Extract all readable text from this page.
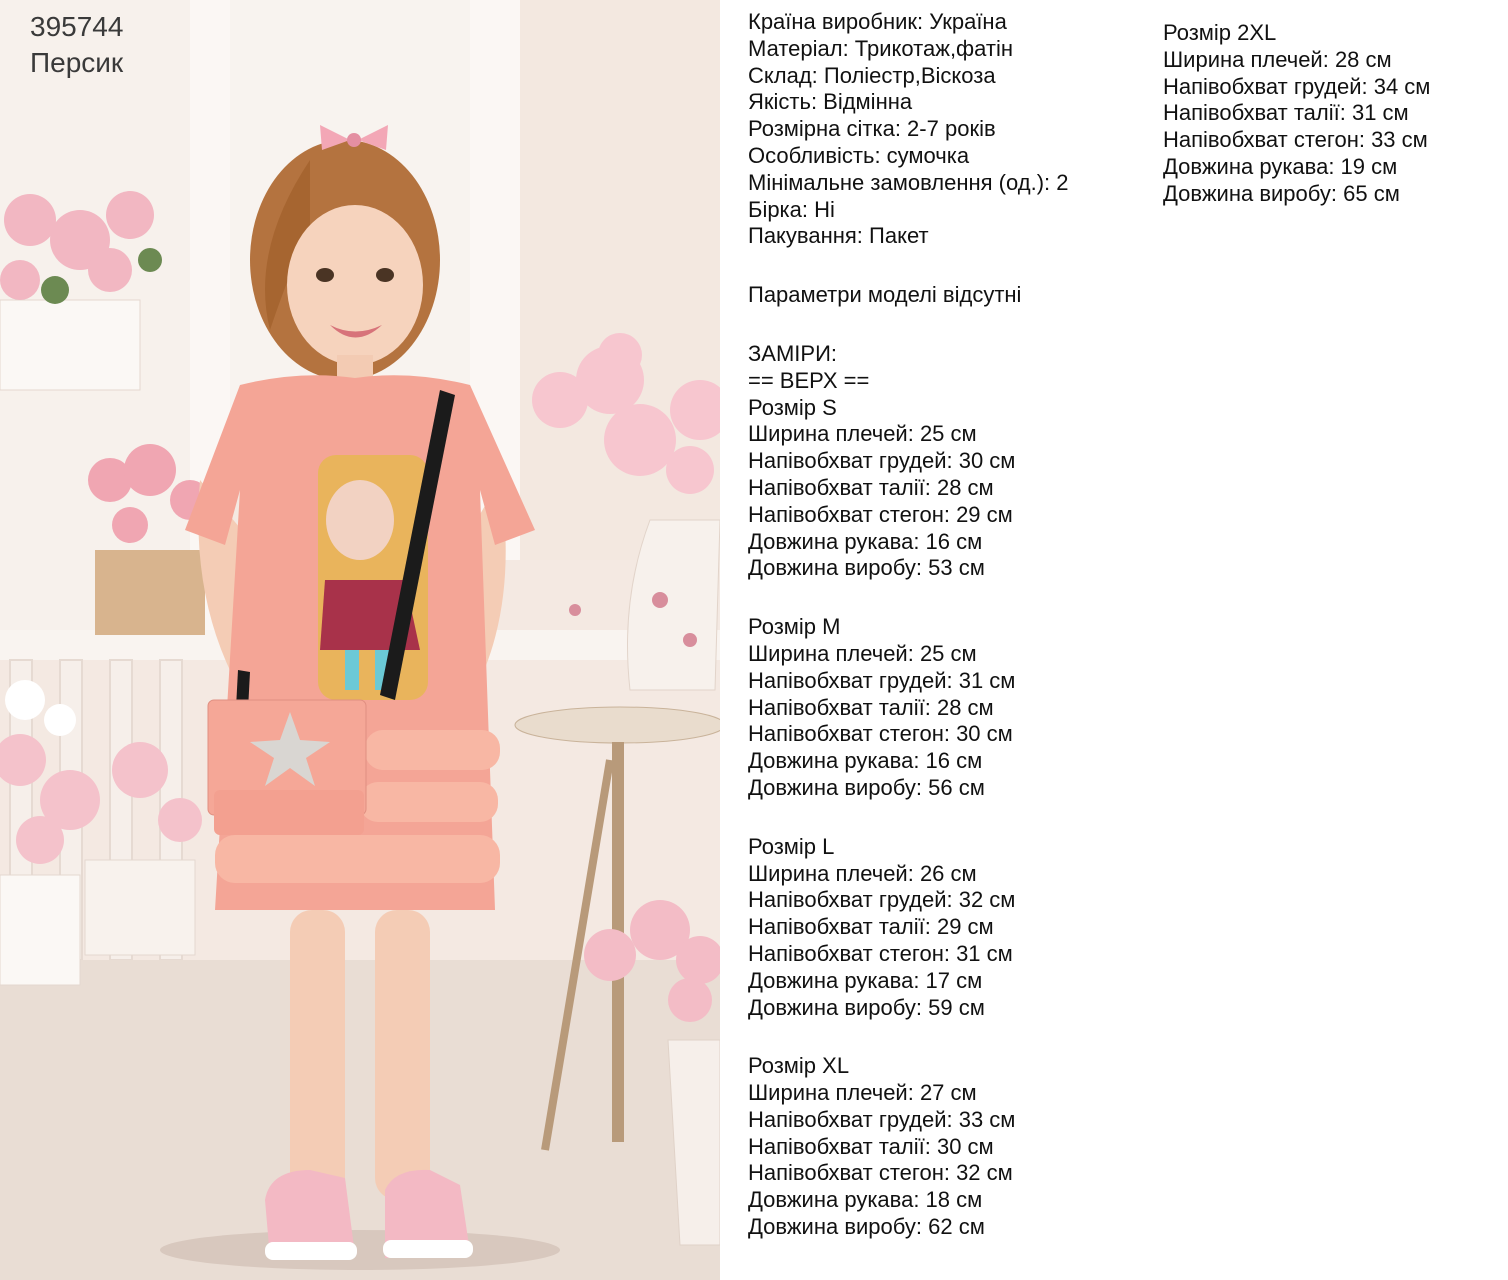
395744

Персик

Країна виробник: Україна

Матеріал: Трикотаж,фатін

Склад: Поліестр,Віскоза

Якість: Відмінна

Розмірна сітка: 2-7 років

Особливість: сумочка

Мінімальне замовлення (од.): 2

Бірка: Ні

Пакування: Пакет

Параметри моделі відсутні

ЗАМІРИ:

== ВЕРХ ==

Розмір S

Ширина плечей: 25 см

Напівобхват грудей: 30 см

Напівобхват талії: 28 см

Напівобхват стегон: 29 см

Довжина рукава: 16 см

Довжина виробу: 53 см

Розмір M

Ширина плечей: 25 см

Напівобхват грудей: 31 см

Напівобхват талії: 28 см

Напівобхват стегон: 30 см

Довжина рукава: 16 см

Довжина виробу: 56 см

Розмір L

Ширина плечей: 26 см

Напівобхват грудей: 32 см

Напівобхват талії: 29 см

Напівобхват стегон: 31 см

Довжина рукава: 17 см

Довжина виробу: 59 см

Розмір XL

Ширина плечей: 27 см

Напівобхват грудей: 33 см

Напівобхват талії: 30 см

Напівобхват стегон: 32 см

Довжина рукава: 18 см

Довжина виробу: 62 см

Розмір 2XL

Ширина плечей: 28 см

Напівобхват грудей: 34 см

Напівобхват талії: 31 см

Напівобхват стегон: 33 см

Довжина рукава: 19 см

Довжина виробу: 65 см
